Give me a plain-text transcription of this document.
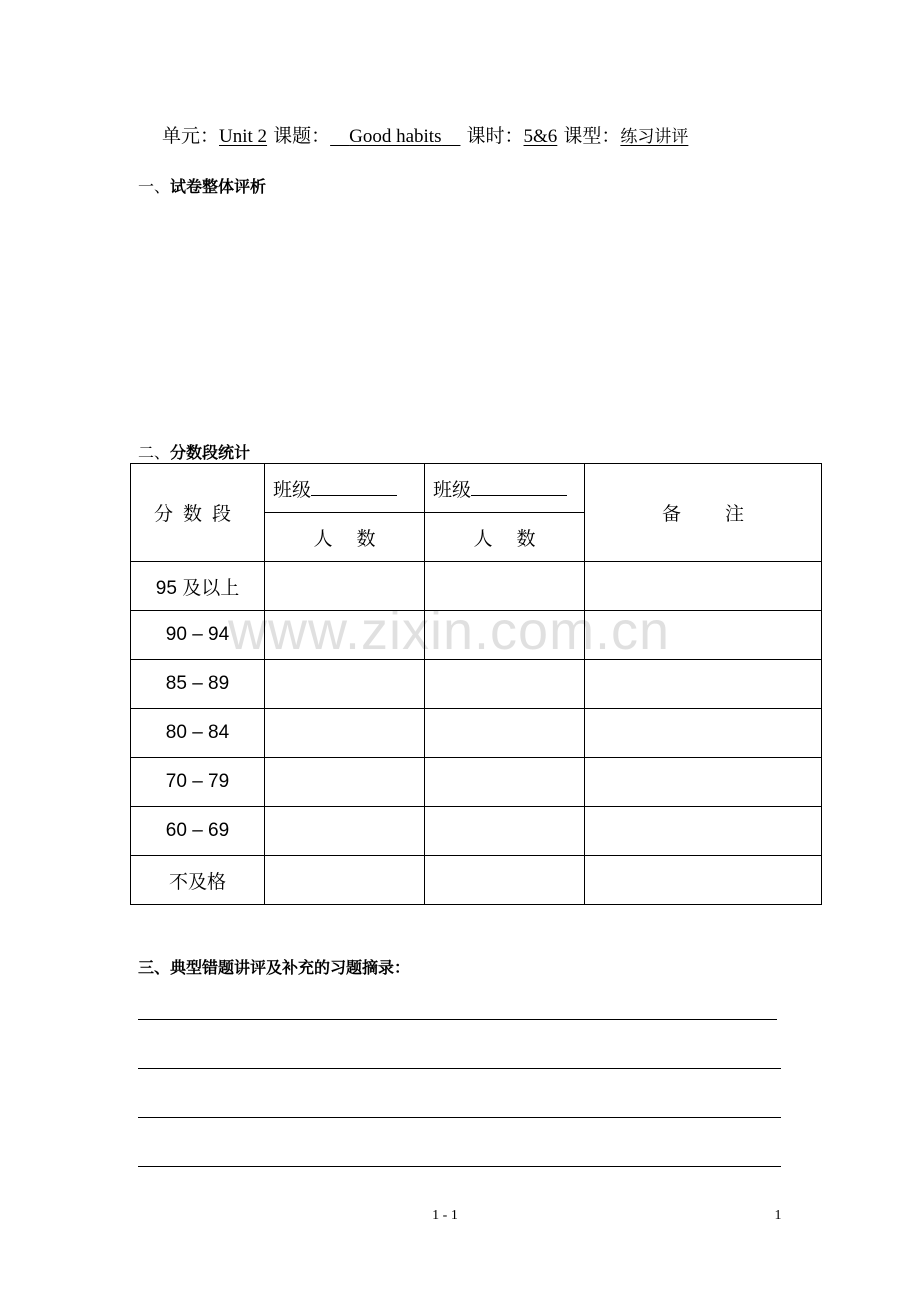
单元：Unit 2 课题： Good habits 课时：5&6 课型：练习讲评
一、试卷整体评析
二、分数段统计
分数段	班级	班级	备注
	人数	人数	
95 及以上			
90 – 94			
85 – 89			
80 – 84			
70 – 79			
60 – 69			
不及格			
www.zixin.com.cn
三、典型错题讲评及补充的习题摘录：
1 - 1	1
